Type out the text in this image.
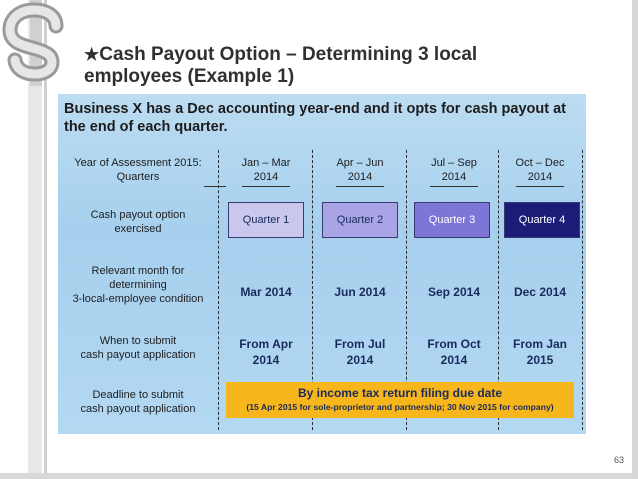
★Cash Payout Option – Determining 3 local
employees (Example 1)
Business X has a Dec accounting year-end and it opts for cash payout at
the end of each quarter.
Year of Assessment 2015:
Quarters
Cash payout option
exercised
Relevant month for
determining
3-local-employee condition
When to submit
cash payout application
Deadline to submit
cash payout application
Jan – Mar
2014
Quarter 1
Mar 2014
From Apr
2014
Apr – Jun
2014
Quarter 2
Jun 2014
From Jul
2014
Jul – Sep
2014
Quarter 3
Sep 2014
From Oct
2014
Oct – Dec
2014
Quarter 4
Dec 2014
From Jan
2015
By income tax return filing due date
(15 Apr 2015 for sole-proprietor and partnership; 30 Nov 2015 for company)
63
